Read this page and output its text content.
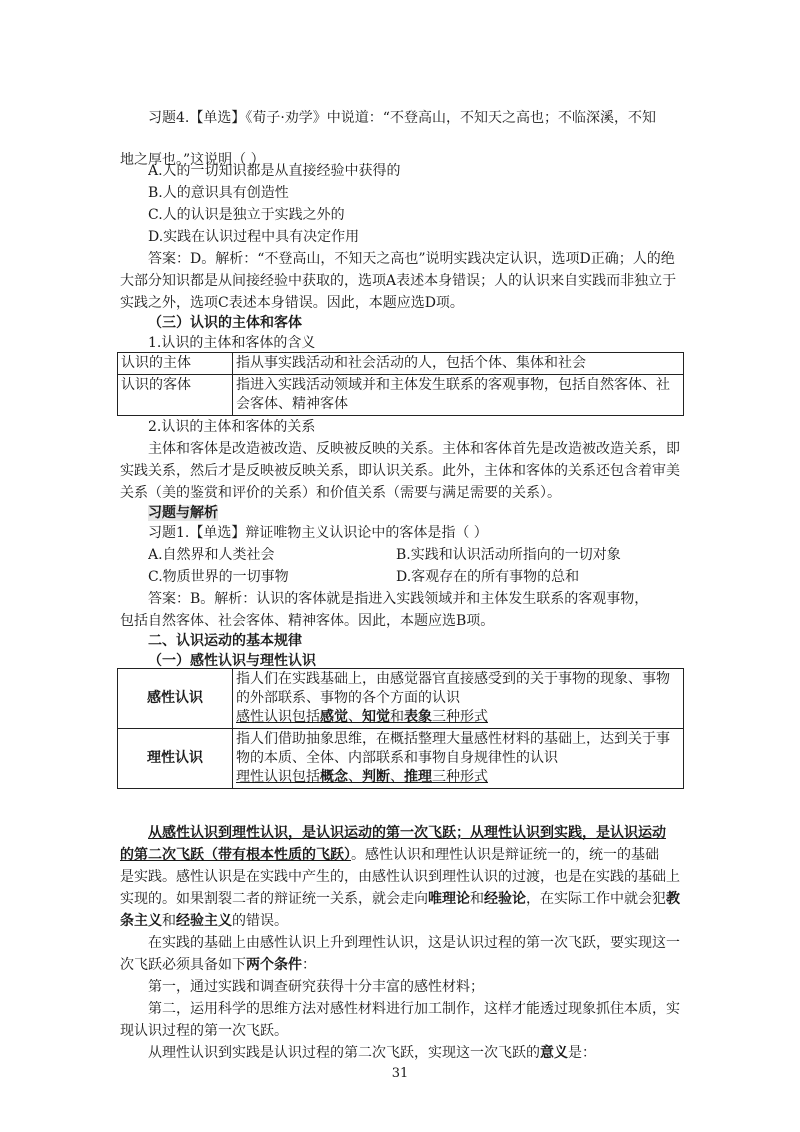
习题4.【单选】《荀子·劝学》中说道：“不登高山，不知天之高也；不临深溪，不知
地之厚也。”这说明（ ）
A.人的一切知识都是从直接经验中获得的
B.人的意识具有创造性
C.人的认识是独立于实践之外的
D.实践在认识过程中具有决定作用
答案：D。解析：“不登高山，不知天之高也”说明实践决定认识，选项D正确；人的绝
大部分知识都是从间接经验中获取的，选项A表述本身错误；人的认识来自实践而非独立于
实践之外，选项C表述本身错误。因此，本题应选D项。
（三）认识的主体和客体
1.认识的主体和客体的含义
认识的主体	指从事实践活动和社会活动的人，包括个体、集体和社会
认识的客体	指进入实践活动领域并和主体发生联系的客观事物，包括自然客体、社
会客体、精神客体
2.认识的主体和客体的关系
主体和客体是改造被改造、反映被反映的关系。主体和客体首先是改造被改造关系，即
实践关系，然后才是反映被反映关系，即认识关系。此外，主体和客体的关系还包含着审美
关系（美的鉴赏和评价的关系）和价值关系（需要与满足需要的关系）。
习题与解析
习题1.【单选】辩证唯物主义认识论中的客体是指（ ）
A.自然界和人类社会	B.实践和认识活动所指向的一切对象
C.物质世界的一切事物	D.客观存在的所有事物的总和
答案：B。解析：认识的客体就是指进入实践领域并和主体发生联系的客观事物，
包括自然客体、社会客体、精神客体。因此，本题应选B项。
二、认识运动的基本规律
（一）感性认识与理性认识
感性认识	指人们在实践基础上，由感觉器官直接感受到的关于事物的现象、事物
的外部联系、事物的各个方面的认识
感性认识包括感觉、知觉和表象三种形式

理性认识	指人们借助抽象思维，在概括整理大量感性材料的基础上，达到关于事
物的本质、全体、内部联系和事物自身规律性的认识
理性认识包括概念、判断、推理三种形式
从感性认识到理性认识，是认识运动的第一次飞跃；从理性认识到实践，是认识运动
的第二次飞跃（带有根本性质的飞跃）。感性认识和理性认识是辩证统一的，统一的基础
是实践。感性认识是在实践中产生的，由感性认识到理性认识的过渡，也是在实践的基础上
实现的。如果割裂二者的辩证统一关系，就会走向唯理论和经验论，在实际工作中就会犯教
条主义和经验主义的错误。
在实践的基础上由感性认识上升到理性认识，这是认识过程的第一次飞跃，要实现这一
次飞跃必须具备如下两个条件：
第一，通过实践和调查研究获得十分丰富的感性材料；
第二，运用科学的思维方法对感性材料进行加工制作，这样才能透过现象抓住本质，实
现认识过程的第一次飞跃。
从理性认识到实践是认识过程的第二次飞跃，实现这一次飞跃的意义是：
31
